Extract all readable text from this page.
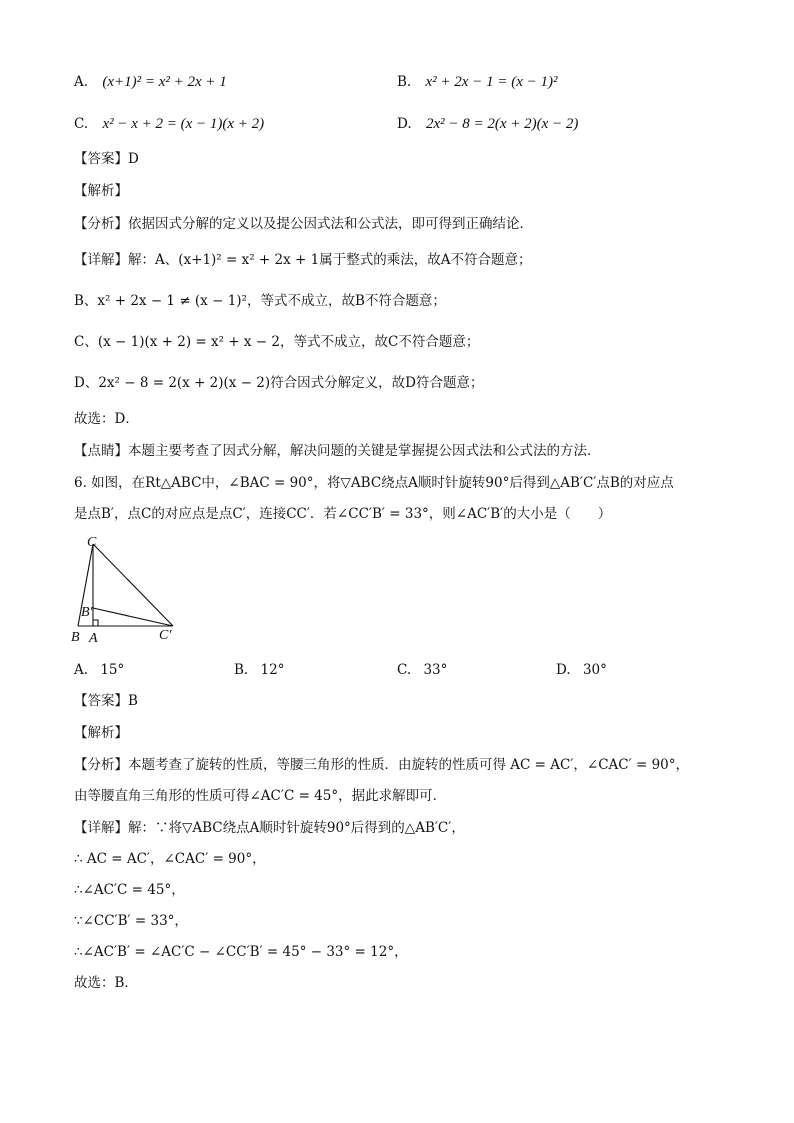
A. (x+1)² = x² + 2x + 1	B. x² + 2x − 1 = (x − 1)²
C. x² − x + 2 = (x − 1)(x + 2)	D. 2x² − 8 = 2(x + 2)(x − 2)
【答案】D
【解析】
【分析】依据因式分解的定义以及提公因式法和公式法，即可得到正确结论．
【详解】解：A、(x+1)² = x² + 2x + 1属于整式的乘法，故A不符合题意；
B、x² + 2x − 1 ≠ (x − 1)²，等式不成立，故B不符合题意；
C、(x − 1)(x + 2) = x² + x − 2，等式不成立，故C不符合题意；
D、2x² − 8 = 2(x + 2)(x − 2)符合因式分解定义，故D符合题意；
故选：D．
【点睛】本题主要考查了因式分解，解决问题的关键是掌握提公因式法和公式法的方法．
6. 如图，在Rt△ABC中，∠BAC = 90°，将▽ABC绕点A顺时针旋转90°后得到△AB′C′点B的对应点
是点B′，点C的对应点是点C′，连接CC′．若∠CC′B′ = 33°，则∠AC′B′的大小是（　　）
C
B′
B A	C′
A. 15°	B. 12°	C. 33°	D. 30°
【答案】B
【解析】
【分析】本题考查了旋转的性质，等腰三角形的性质．由旋转的性质可得 AC = AC′，∠CAC′ = 90°，
由等腰直角三角形的性质可得∠AC′C = 45°，据此求解即可．
【详解】解：∵将▽ABC绕点A顺时针旋转90°后得到的△AB′C′，
∴ AC = AC′，∠CAC′ = 90°，
∴∠AC′C = 45°，
∵∠CC′B′ = 33°，
∴∠AC′B′ = ∠AC′C − ∠CC′B′ = 45° − 33° = 12°，
故选：B．
